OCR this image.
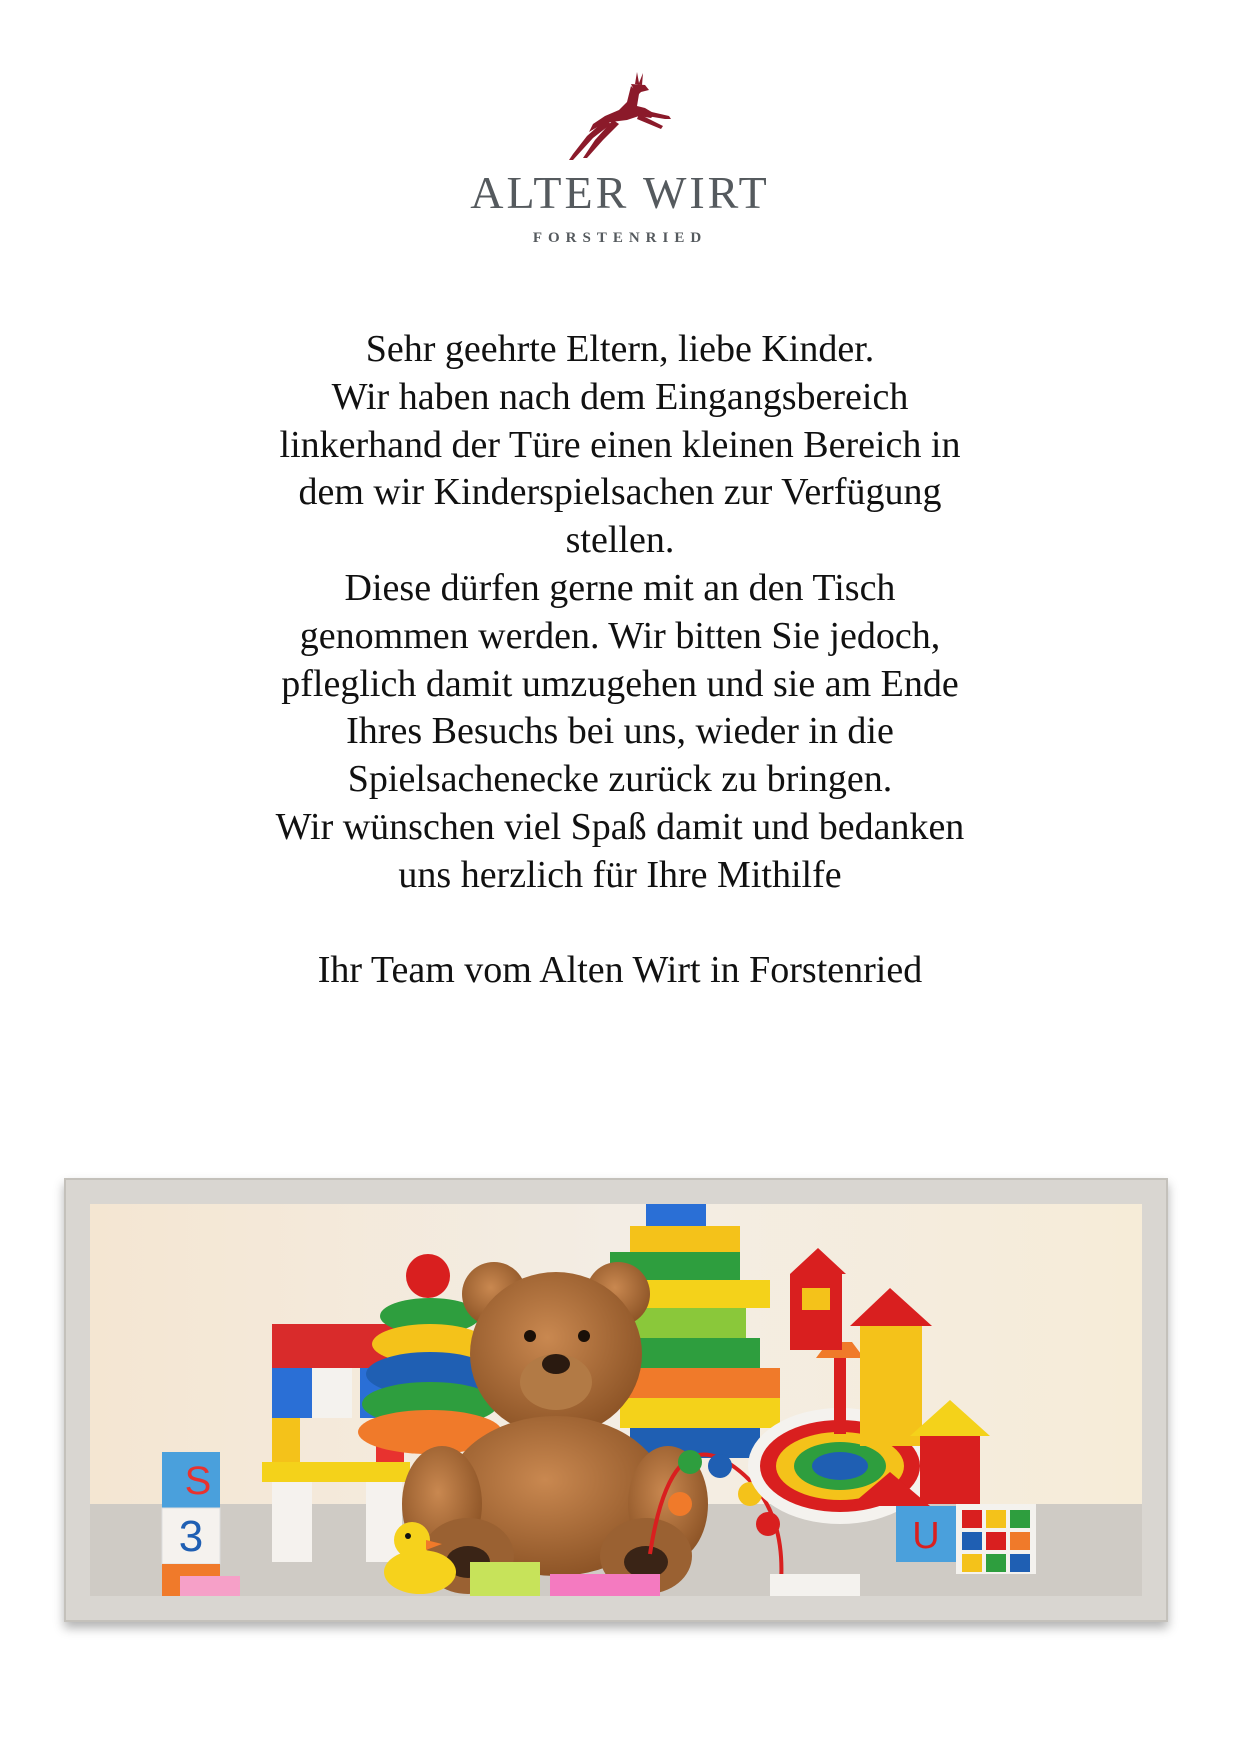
ALTER WIRT
FORSTENRIED
Sehr geehrte Eltern, liebe Kinder.
Wir haben nach dem Eingangsbereich
linkerhand der Türe einen kleinen Bereich in
dem wir Kinderspielsachen zur Verfügung
stellen.
Diese dürfen gerne mit an den Tisch
genommen werden. Wir bitten Sie jedoch,
pfleglich damit umzugehen und sie am Ende
Ihres Besuchs bei uns, wieder in die
Spielsachenecke zurück zu bringen.
Wir wünschen viel Spaß damit und bedanken
uns herzlich für Ihre Mithilfe
Ihr Team vom Alten Wirt in Forstenried
S
3	U
